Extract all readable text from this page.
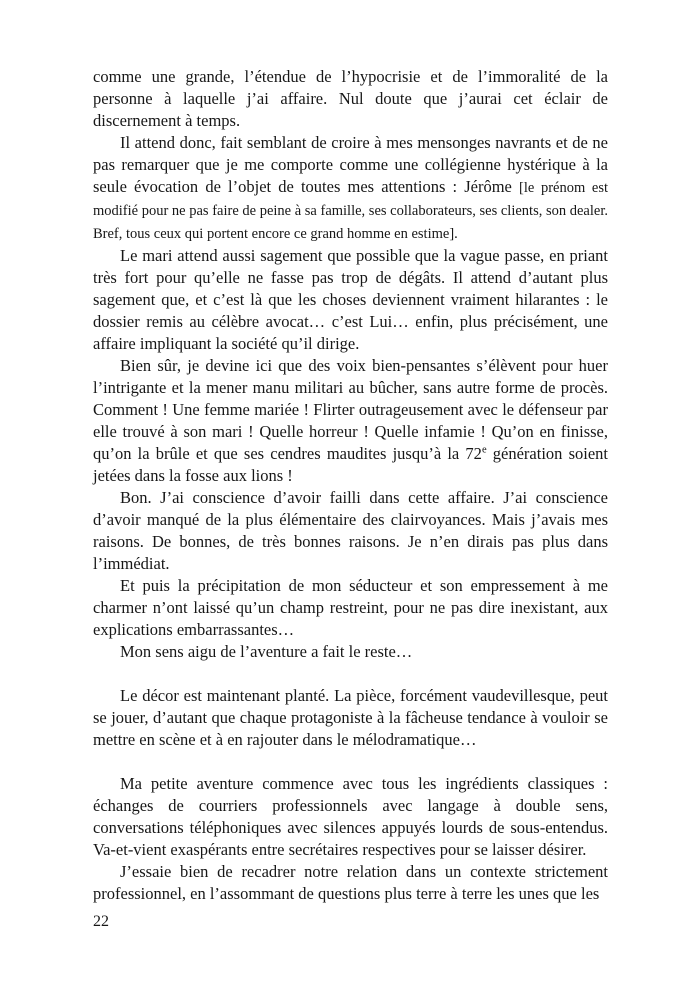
comme une grande, l’étendue de l’hypocrisie et de l’immoralité de la personne à laquelle j’ai affaire. Nul doute que j’aurai cet éclair de discernement à temps.

Il attend donc, fait semblant de croire à mes mensonges navrants et de ne pas remarquer que je me comporte comme une collégienne hystérique à la seule évocation de l’objet de toutes mes attentions : Jérôme [le prénom est modifié pour ne pas faire de peine à sa famille, ses collaborateurs, ses clients, son dealer. Bref, tous ceux qui portent encore ce grand homme en estime].

Le mari attend aussi sagement que possible que la vague passe, en priant très fort pour qu’elle ne fasse pas trop de dégâts. Il attend d’autant plus sagement que, et c’est là que les choses deviennent vraiment hilarantes : le dossier remis au célèbre avocat… c’est Lui… enfin, plus précisément, une affaire impliquant la société qu’il dirige.

Bien sûr, je devine ici que des voix bien-pensantes s’élèvent pour huer l’intrigante et la mener manu militari au bûcher, sans autre forme de procès. Comment ! Une femme mariée ! Flirter outrageusement avec le défenseur par elle trouvé à son mari ! Quelle horreur ! Quelle infamie ! Qu’on en finisse, qu’on la brûle et que ses cendres maudites jusqu’à la 72e génération soient jetées dans la fosse aux lions !

Bon. J’ai conscience d’avoir failli dans cette affaire. J’ai conscience d’avoir manqué de la plus élémentaire des clairvoyances. Mais j’avais mes raisons. De bonnes, de très bonnes raisons. Je n’en dirais pas plus dans l’immédiat.

Et puis la précipitation de mon séducteur et son empressement à me charmer n’ont laissé qu’un champ restreint, pour ne pas dire inexistant, aux explications embarrassantes…

Mon sens aigu de l’aventure a fait le reste…

Le décor est maintenant planté. La pièce, forcément vaudevillesque, peut se jouer, d’autant que chaque protagoniste à la fâcheuse tendance à vouloir se mettre en scène et à en rajouter dans le mélodramatique…

Ma petite aventure commence avec tous les ingrédients classiques : échanges de courriers professionnels avec langage à double sens, conversations téléphoniques avec silences appuyés lourds de sous-entendus. Va-et-vient exaspérants entre secrétaires respectives pour se laisser désirer.

J’essaie bien de recadrer notre relation dans un contexte strictement professionnel, en l’assommant de questions plus terre à terre les unes que les

22
